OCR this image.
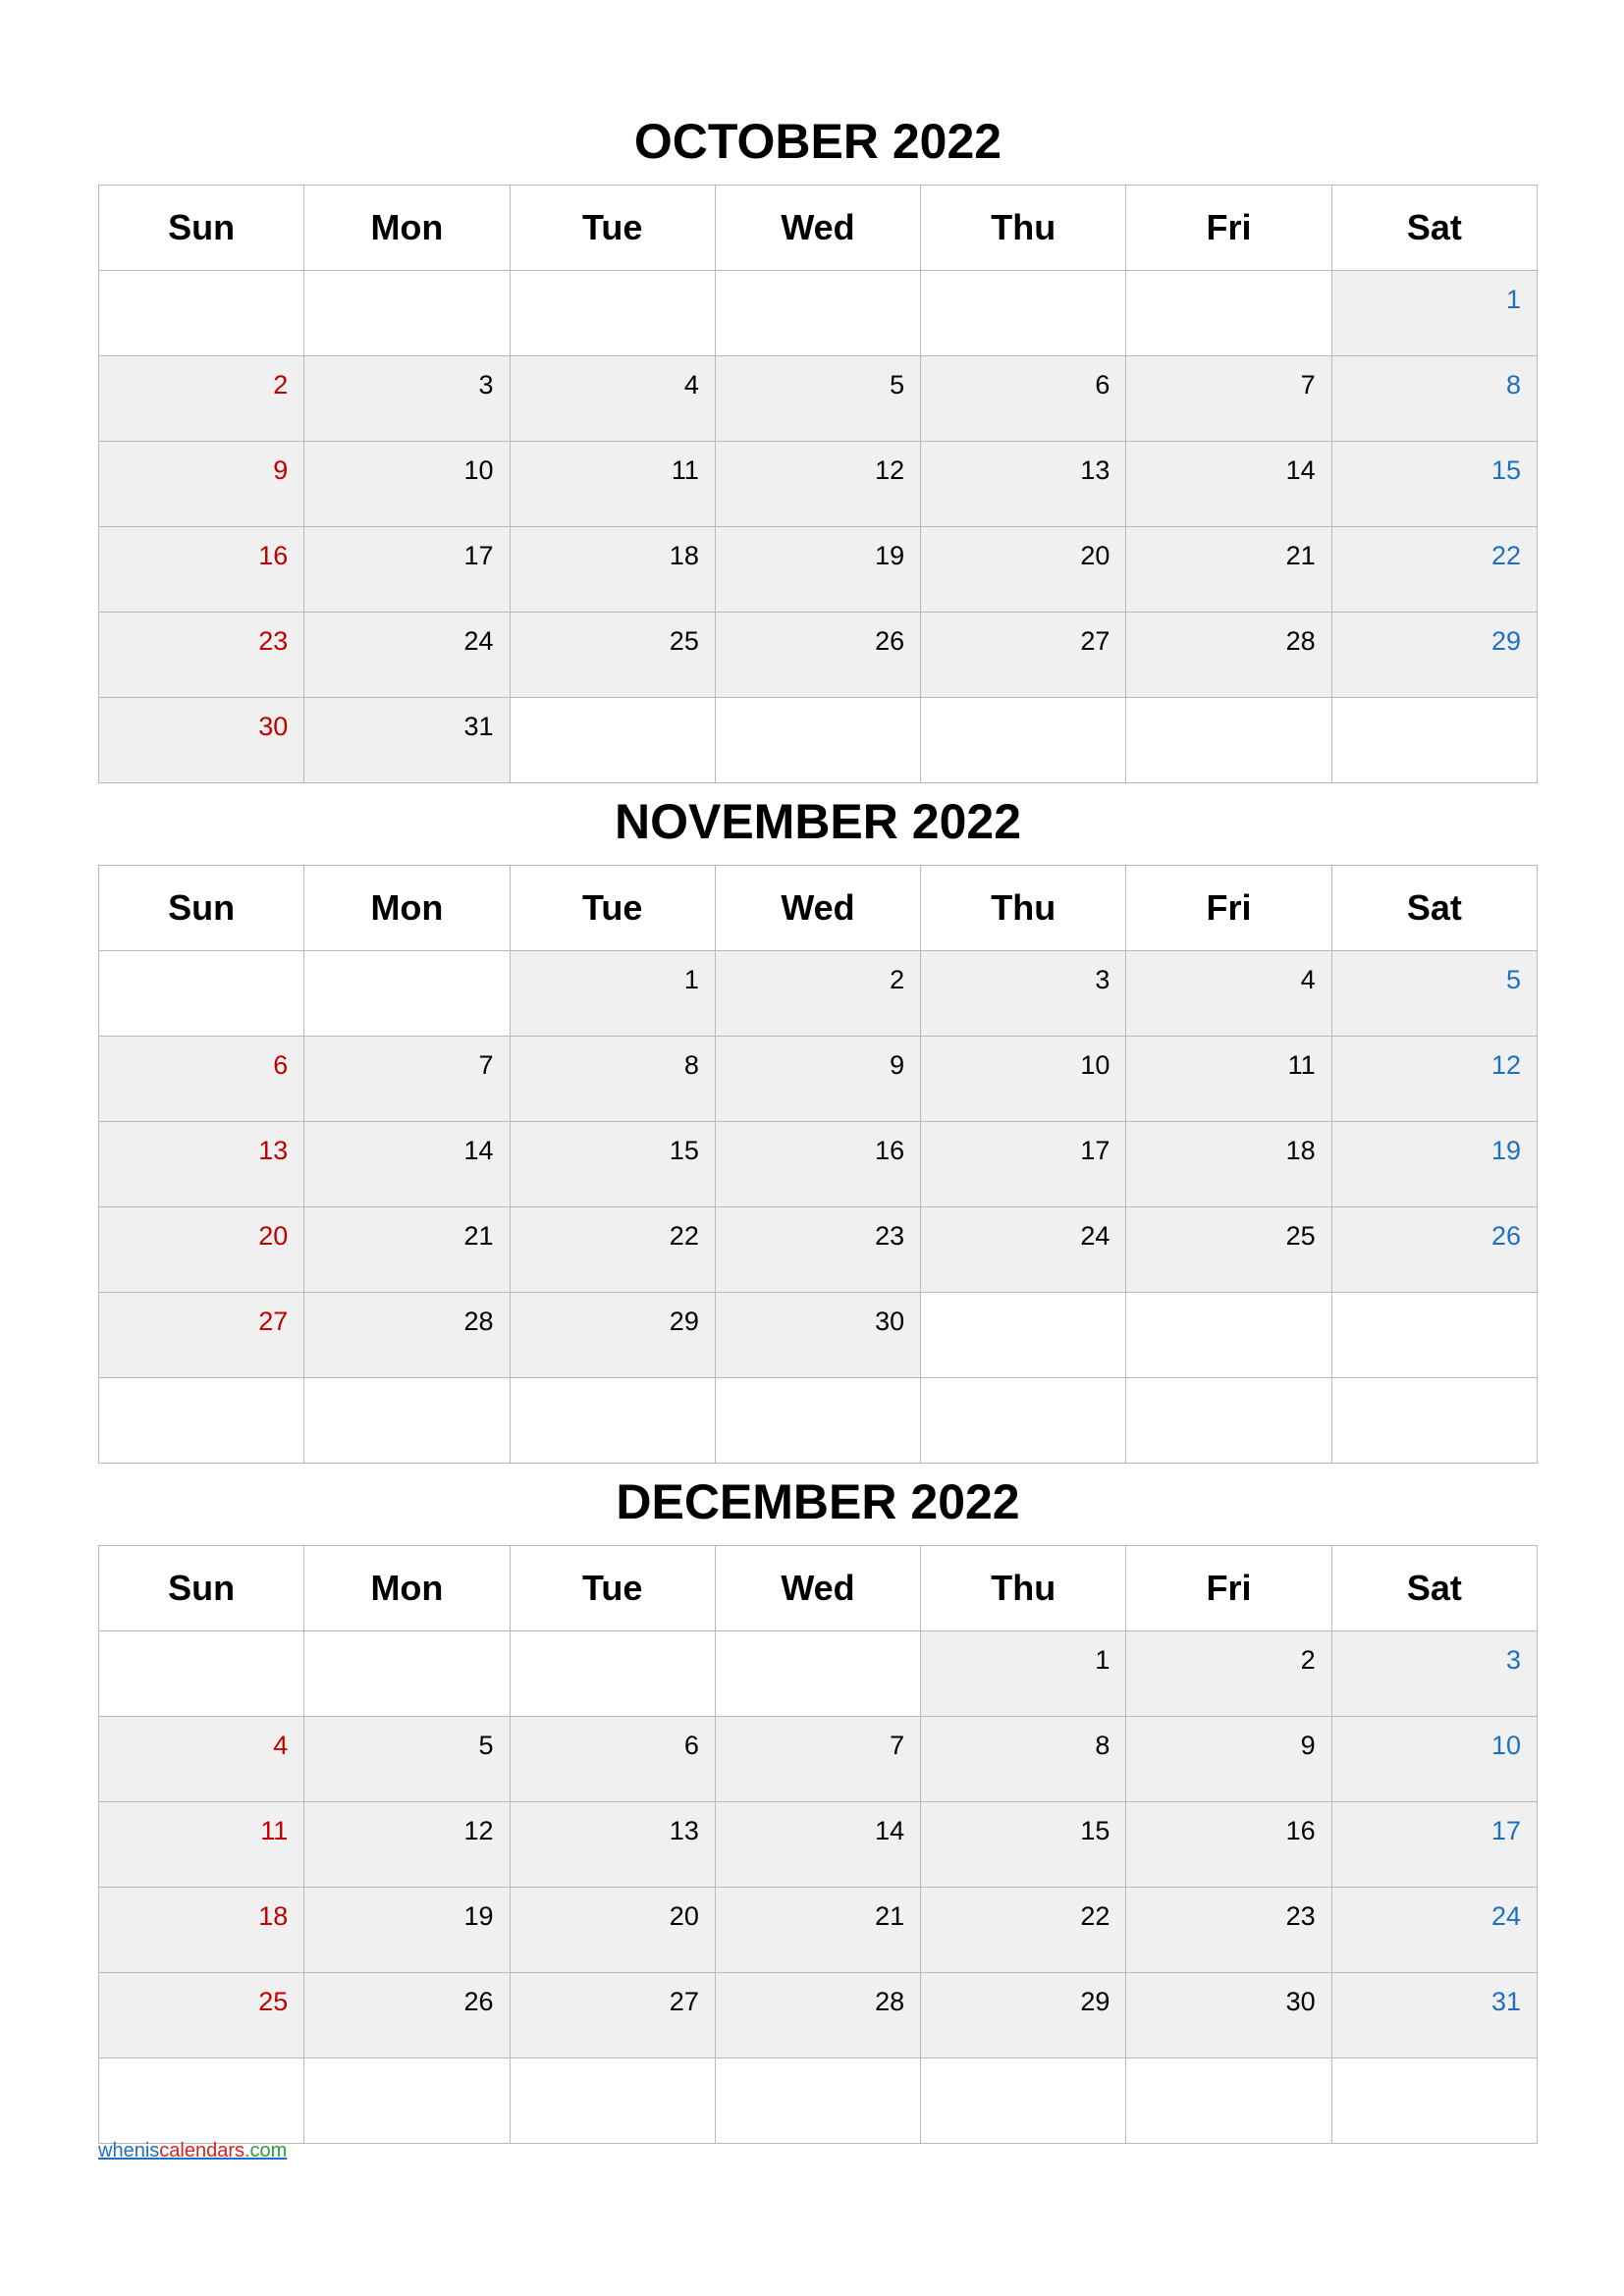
OCTOBER 2022
Sun	Mon	Tue	Wed	Thu	Fri	Sat
						1
2	3	4	5	6	7	8
9	10	11	12	13	14	15
16	17	18	19	20	21	22
23	24	25	26	27	28	29
30	31					
NOVEMBER 2022
Sun	Mon	Tue	Wed	Thu	Fri	Sat
		1	2	3	4	5
6	7	8	9	10	11	12
13	14	15	16	17	18	19
20	21	22	23	24	25	26
27	28	29	30			

DECEMBER 2022
Sun	Mon	Tue	Wed	Thu	Fri	Sat
				1	2	3
4	5	6	7	8	9	10
11	12	13	14	15	16	17
18	19	20	21	22	23	24
25	26	27	28	29	30	31

wheniscalendars.com
